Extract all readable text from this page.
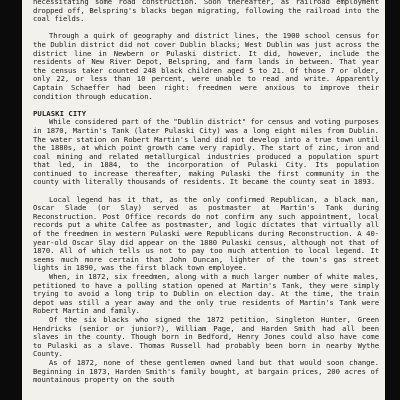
necessitating some road construction. Soon thereafter, as railroad employment dropped off, Belspring's blacks began migrating, following the railroad into the coal fields.

Through a quirk of geography and district lines, the 1900 school census for the Dublin district did not cover Dublin blacks; West Dublin was just across the district line in Newbern or Pulaski district. It did, however, include the residents of New River Depot, Belspring, and farm lands in between. That year the census taker counted 248 black children aged 5 to 21. Of those 7 or older, only 22, or less than 10 percent, were unable to read and write. Apparently Captain Schaeffer had been right: freedmen were anxious to improve their condition through education.

PULASKI CITY

While considered part of the "Dublin district" for census and voting purposes in 1870, Martin's Tank (later Pulaski City) was a long eight miles from Dublin. The water station on Robert Martin's land did not develop into a true town until the 1880s, at which point growth came very rapidly. The start of zinc, iron and coal mining and related metallurgical industries produced a population spurt that led, in 1884, to the incorporation of Pulaski City. Its population continued to increase thereafter, making Pulaski the first community in the county with literally thousands of residents. It became the county seat in 1893.

Local legend has it that, as the only confirmed Republican, a black man, Oscar Slade (or Slay) served as postmaster at Martin's Tank during Reconstruction. Post Office records do not confirm any such appointment, local records put a white Calfee as postmaster, and logic dictates that virtually all of the freedmen in western Pulaski were Republicans during Reconstruction. A 40-year-old Oscar Slay did appear on the 1880 Pulaski census, although not that of 1870. All of which tells us not to pay too much attention to local legend. It seems much more certain that John Duncan, lighter of the town's gas street lights in 1890, was the first black town employee.

When, in 1872, six freedmen, along with a much larger number of white males, petitioned to have a polling station opened at Martin's Tank, they were simply trying to avoid a long trip to Dublin on election day. At the time, the train depot was still a year away and the only true residents of Martin's Tank were Robert Martin and family.

Of the six blacks who signed the 1872 petition, Singleton Hunter, Green Hendricks (senior or junior?), William Page, and Harden Smith had all been slaves in the county. Though born in Bedford, Henry Jones could also have come to Pulaski as a slave. Thomas Russell had probably been born in nearby Wythe County.

As of 1872, none of these gentlemen owned land but that would soon change. Beginning in 1873, Harden Smith's family bought, at bargain prices, 200 acres of mountainous property on the south
